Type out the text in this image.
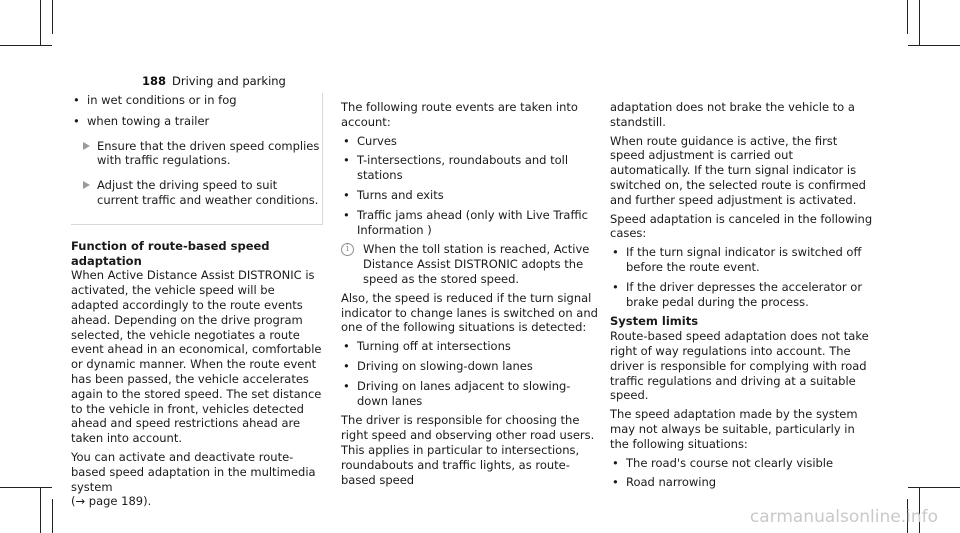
188 Driving and parking
• in wet conditions or in fog
• when towing a trailer
Ensure that the driven speed complies with traffic regulations.
Adjust the driving speed to suit current traffic and weather conditions.
Function of route-based speed adaptation

When Active Distance Assist DISTRONIC is activated, the vehicle speed will be adapted accordingly to the route events ahead. Depending on the drive program selected, the vehicle negotiates a route event ahead in an economical, comfortable or dynamic manner. When the route event has been passed, the vehicle accelerates again to the stored speed. The set distance to the vehicle in front, vehicles detected ahead and speed restrictions ahead are taken into account.

You can activate and deactivate route-based speed adaptation in the multimedia system
(→ page 189).

The following route events are taken into account:

• Curves
• T-intersections, roundabouts and toll stations
• Turns and exits
• Traffic jams ahead (only with Live Traffic Information )
i	When the toll station is reached, Active Distance Assist DISTRONIC adopts the speed as the stored speed.

Also, the speed is reduced if the turn signal indicator to change lanes is switched on and one of the following situations is detected:

• Turning off at intersections
• Driving on slowing-down lanes
• Driving on lanes adjacent to slowing-down lanes

The driver is responsible for choosing the right speed and observing other road users. This applies in particular to intersections, roundabouts and traffic lights, as route-based speed

adaptation does not brake the vehicle to a standstill.

When route guidance is active, the first speed adjustment is carried out automatically. If the turn signal indicator is switched on, the selected route is confirmed and further speed adjustment is activated.

Speed adaptation is canceled in the following cases:

• If the turn signal indicator is switched off before the route event.
• If the driver depresses the accelerator or brake pedal during the process.
System limits

Route-based speed adaptation does not take right of way regulations into account. The driver is responsible for complying with road traffic regulations and driving at a suitable speed.

The speed adaptation made by the system may not always be suitable, particularly in the following situations:

• The road's course not clearly visible
• Road narrowing
carmanualsonline.info
